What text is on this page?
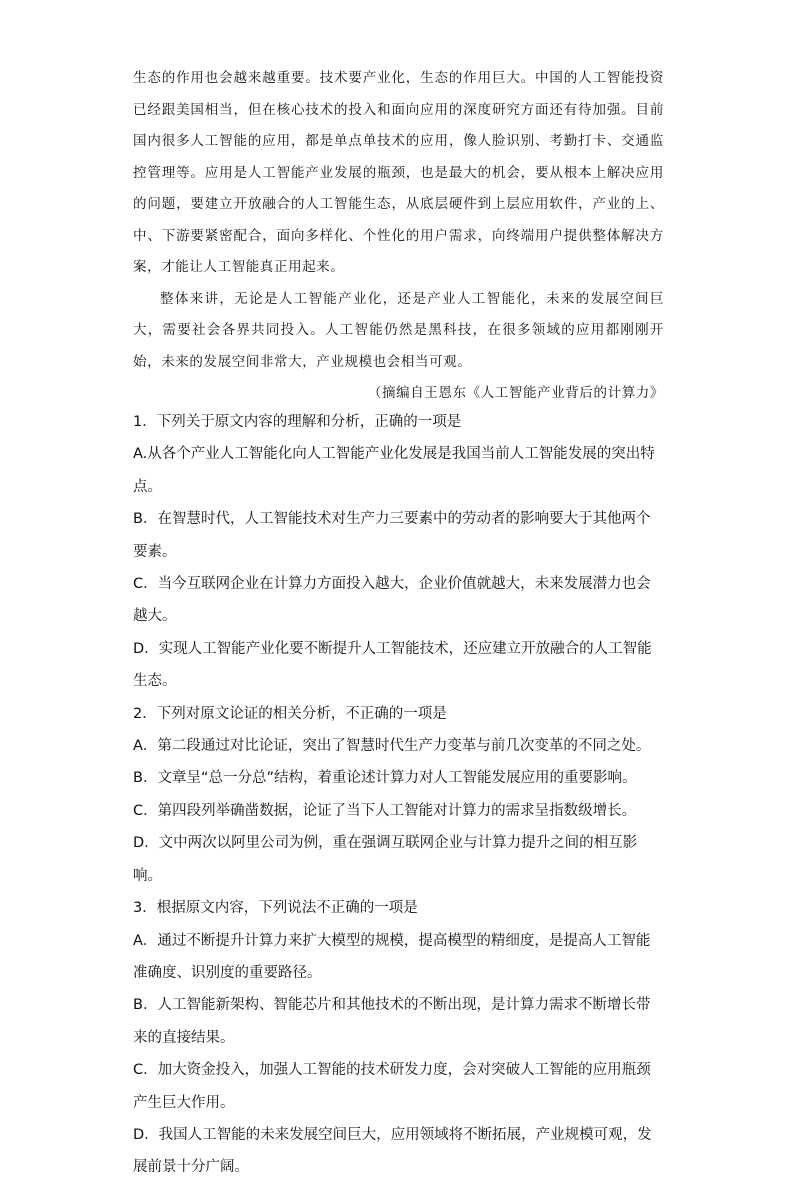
生态的作用也会越来越重要。技术要产业化，生态的作用巨大。中国的人工智能投资已经跟美国相当，但在核心技术的投入和面向应用的深度研究方面还有待加强。目前国内很多人工智能的应用，都是单点单技术的应用，像人脸识别、考勤打卡、交通监控管理等。应用是人工智能产业发展的瓶颈，也是最大的机会，要从根本上解决应用的问题，要建立开放融合的人工智能生态，从底层硬件到上层应用软件，产业的上、中、下游要紧密配合，面向多样化、个性化的用户需求，向终端用户提供整体解决方案，才能让人工智能真正用起来。

整体来讲，无论是人工智能产业化，还是产业人工智能化，未来的发展空间巨大，需要社会各界共同投入。人工智能仍然是黑科技，在很多领域的应用都刚刚开始，未来的发展空间非常大，产业规模也会相当可观。

（摘编自王恩东《人工智能产业背后的计算力》

1．下列关于原文内容的理解和分析，正确的一项是
A.从各个产业人工智能化向人工智能产业化发展是我国当前人工智能发展的突出特点。
B．在智慧时代，人工智能技术对生产力三要素中的劳动者的影响要大于其他两个要素。
C．当今互联网企业在计算力方面投入越大，企业价值就越大，未来发展潜力也会越大。
D．实现人工智能产业化要不断提升人工智能技术，还应建立开放融合的人工智能生态。
2．下列对原文论证的相关分析，不正确的一项是
A．第二段通过对比论证，突出了智慧时代生产力变革与前几次变革的不同之处。
B．文章呈“总一分总”结构，着重论述计算力对人工智能发展应用的重要影响。
C．第四段列举确凿数据，论证了当下人工智能对计算力的需求呈指数级增长。
D．文中两次以阿里公司为例，重在强调互联网企业与计算力提升之间的相互影响。
3．根据原文内容，下列说法不正确的一项是
A．通过不断提升计算力来扩大模型的规模，提高模型的精细度，是提高人工智能准确度、识别度的重要路径。
B．人工智能新架构、智能芯片和其他技术的不断出现，是计算力需求不断增长带来的直接结果。
C．加大资金投入，加强人工智能的技术研发力度，会对突破人工智能的应用瓶颈产生巨大作用。
D．我国人工智能的未来发展空间巨大，应用领域将不断拓展，产业规模可观，发展前景十分广阔。
